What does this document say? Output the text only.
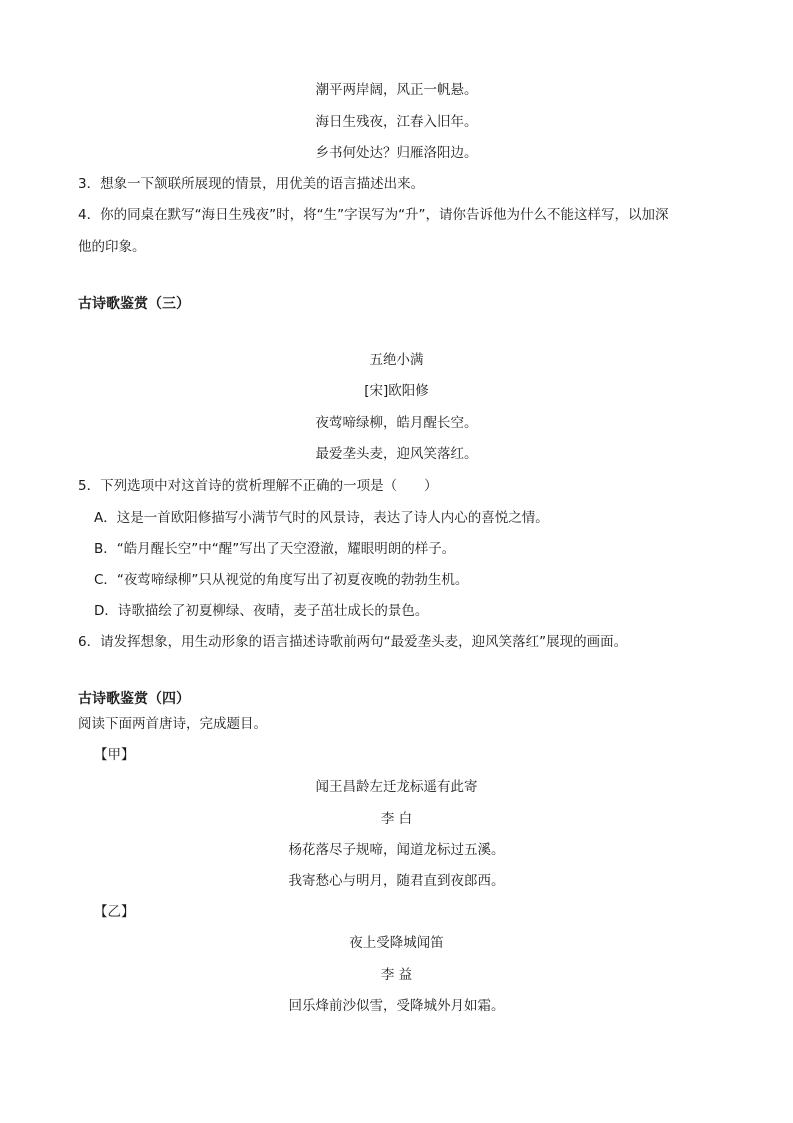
潮平两岸阔，风正一帆悬。
海日生残夜，江春入旧年。
乡书何处达？归雁洛阳边。
3．想象一下颔联所展现的情景，用优美的语言描述出来。
4．你的同桌在默写“海日生残夜”时，将“生”字误写为“升”，请你告诉他为什么不能这样写，以加深
他的印象。
古诗歌鉴赏（三）
五绝小满
[宋]欧阳修
夜莺啼绿柳，皓月醒长空。
最爱垄头麦，迎风笑落红。
5．下列选项中对这首诗的赏析理解不正确的一项是（　　）
A．这是一首欧阳修描写小满节气时的风景诗，表达了诗人内心的喜悦之情。
B．“皓月醒长空”中“醒”写出了天空澄澈，耀眼明朗的样子。
C．“夜莺啼绿柳”只从视觉的角度写出了初夏夜晚的勃勃生机。
D．诗歌描绘了初夏柳绿、夜晴，麦子茁壮成长的景色。
6．请发挥想象，用生动形象的语言描述诗歌前两句“最爱垄头麦，迎风笑落红”展现的画面。
古诗歌鉴赏（四）
阅读下面两首唐诗，完成题目。
【甲】
闻王昌龄左迁龙标遥有此寄
李 白
杨花落尽子规啼，闻道龙标过五溪。
我寄愁心与明月，随君直到夜郎西。
【乙】
夜上受降城闻笛
李 益
回乐烽前沙似雪，受降城外月如霜。
